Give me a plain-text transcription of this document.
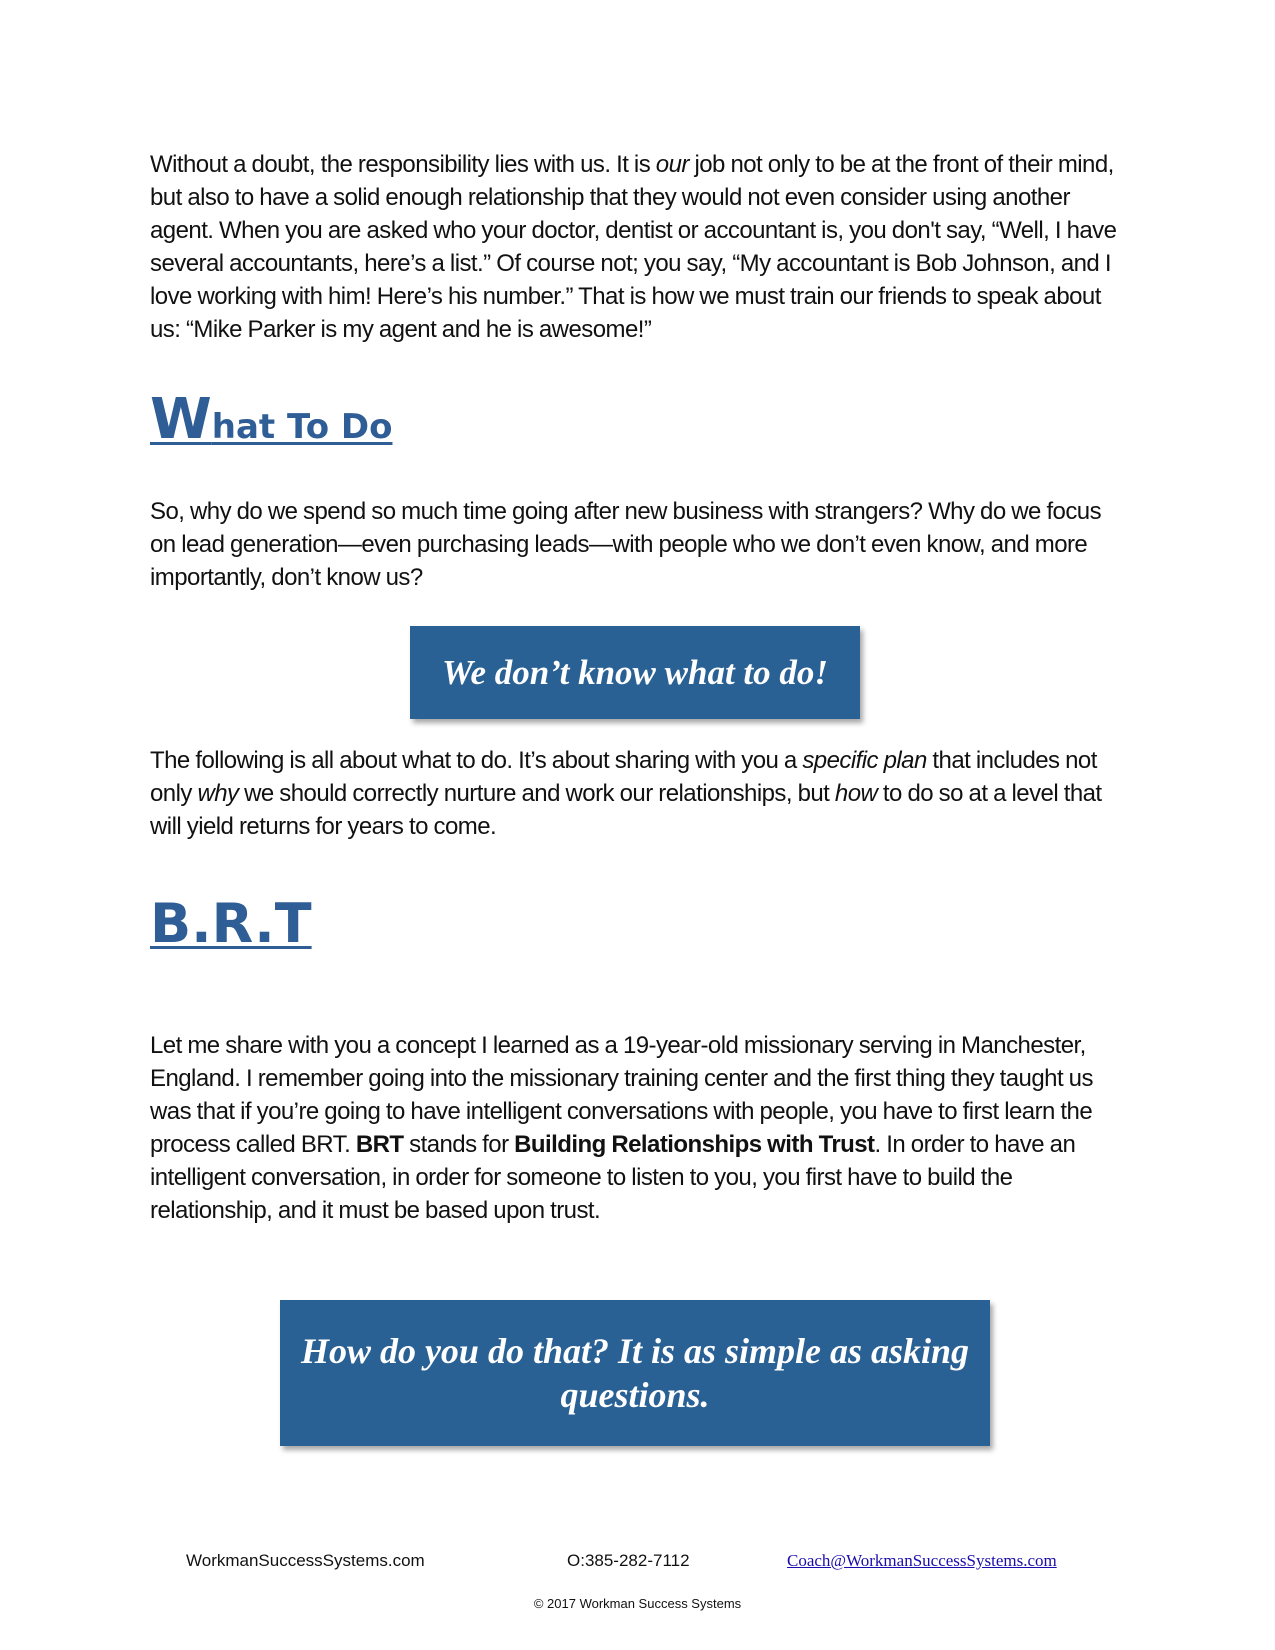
Without a doubt, the responsibility lies with us. It is our job not only to be at the front of their mind, but also to have a solid enough relationship that they would not even consider using another agent. When you are asked who your doctor, dentist or accountant is, you don't say, “Well, I have several accountants, here’s a list.” Of course not; you say, “My accountant is Bob Johnson, and I love working with him! Here’s his number.” That is how we must train our friends to speak about us: “Mike Parker is my agent and he is awesome!”

What To Do

So, why do we spend so much time going after new business with strangers? Why do we focus on lead generation—even purchasing leads—with people who we don’t even know, and more importantly, don’t know us?

We don’t know what to do!

The following is all about what to do. It’s about sharing with you a specific plan that includes not only why we should correctly nurture and work our relationships, but how to do so at a level that will yield returns for years to come.

B.R.T

Let me share with you a concept I learned as a 19-year-old missionary serving in Manchester, England. I remember going into the missionary training center and the first thing they taught us was that if you’re going to have intelligent conversations with people, you have to first learn the process called BRT. BRT stands for Building Relationships with Trust. In order to have an intelligent conversation, in order for someone to listen to you, you first have to build the relationship, and it must be based upon trust.

How do you do that? It is as simple as asking questions.
WorkmanSuccessSystems.com	O:385-282-7112	Coach@WorkmanSuccessSystems.com
© 2017 Workman Success Systems
